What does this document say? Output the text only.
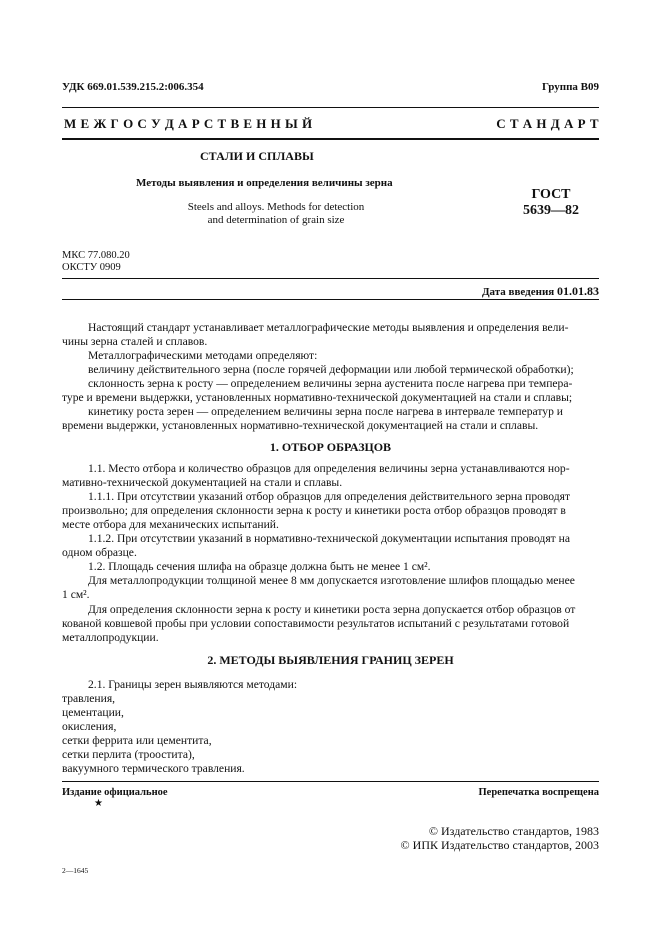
УДК 669.01.539.215.2:006.354	Группа В09
М Е Ж Г О С У Д А Р С Т В Е Н Н Ы Й	С Т А Н Д А Р Т
СТАЛИ И СПЛАВЫ
Методы выявления и определения величины зерна
Steels and alloys. Methods for detection
and determination of grain size
ГОСТ
5639—82
МКС 77.080.20
ОКСТУ 0909
Дата введения 01.01.83

Настоящий стандарт устанавливает металлографические методы выявления и определения вели-

чины зерна сталей и сплавов.

Металлографическими методами определяют:

величину действительного зерна (после горячей деформации или любой термической обработки);

склонность зерна к росту — определением величины зерна аустенита после нагрева при темпера-

туре и времени выдержки, установленных нормативно-технической документацией на стали и сплавы;

кинетику роста зерен — определением величины зерна после нагрева в интервале температур и

времени выдержки, установленных нормативно-технической документацией на стали и сплавы.

1. ОТБОР ОБРАЗЦОВ

1.1. Место отбора и количество образцов для определения величины зерна устанавливаются нор-

мативно-технической документацией на стали и сплавы.

1.1.1. При отсутствии указаний отбор образцов для определения действительного зерна проводят

произвольно; для определения склонности зерна к росту и кинетики роста отбор образцов проводят в

месте отбора для механических испытаний.

1.1.2. При отсутствии указаний в нормативно-технической документации испытания проводят на

одном образце.

1.2. Площадь сечения шлифа на образце должна быть не менее 1 см².

Для металлопродукции толщиной менее 8 мм допускается изготовление шлифов площадью менее

1 см².

Для определения склонности зерна к росту и кинетики роста зерна допускается отбор образцов от

кованой ковшевой пробы при условии сопоставимости результатов испытаний с результатами готовой

металлопродукции.

2. МЕТОДЫ ВЫЯВЛЕНИЯ ГРАНИЦ ЗЕРЕН

2.1. Границы зерен выявляются методами:

травления,

цементации,

окисления,

сетки феррита или цементита,

сетки перлита (троостита),

вакуумного термического травления.

Издание официальное
★
Перепечатка воспрещена
© Издательство стандартов, 1983
© ИПК Издательство стандартов, 2003
2—1645
